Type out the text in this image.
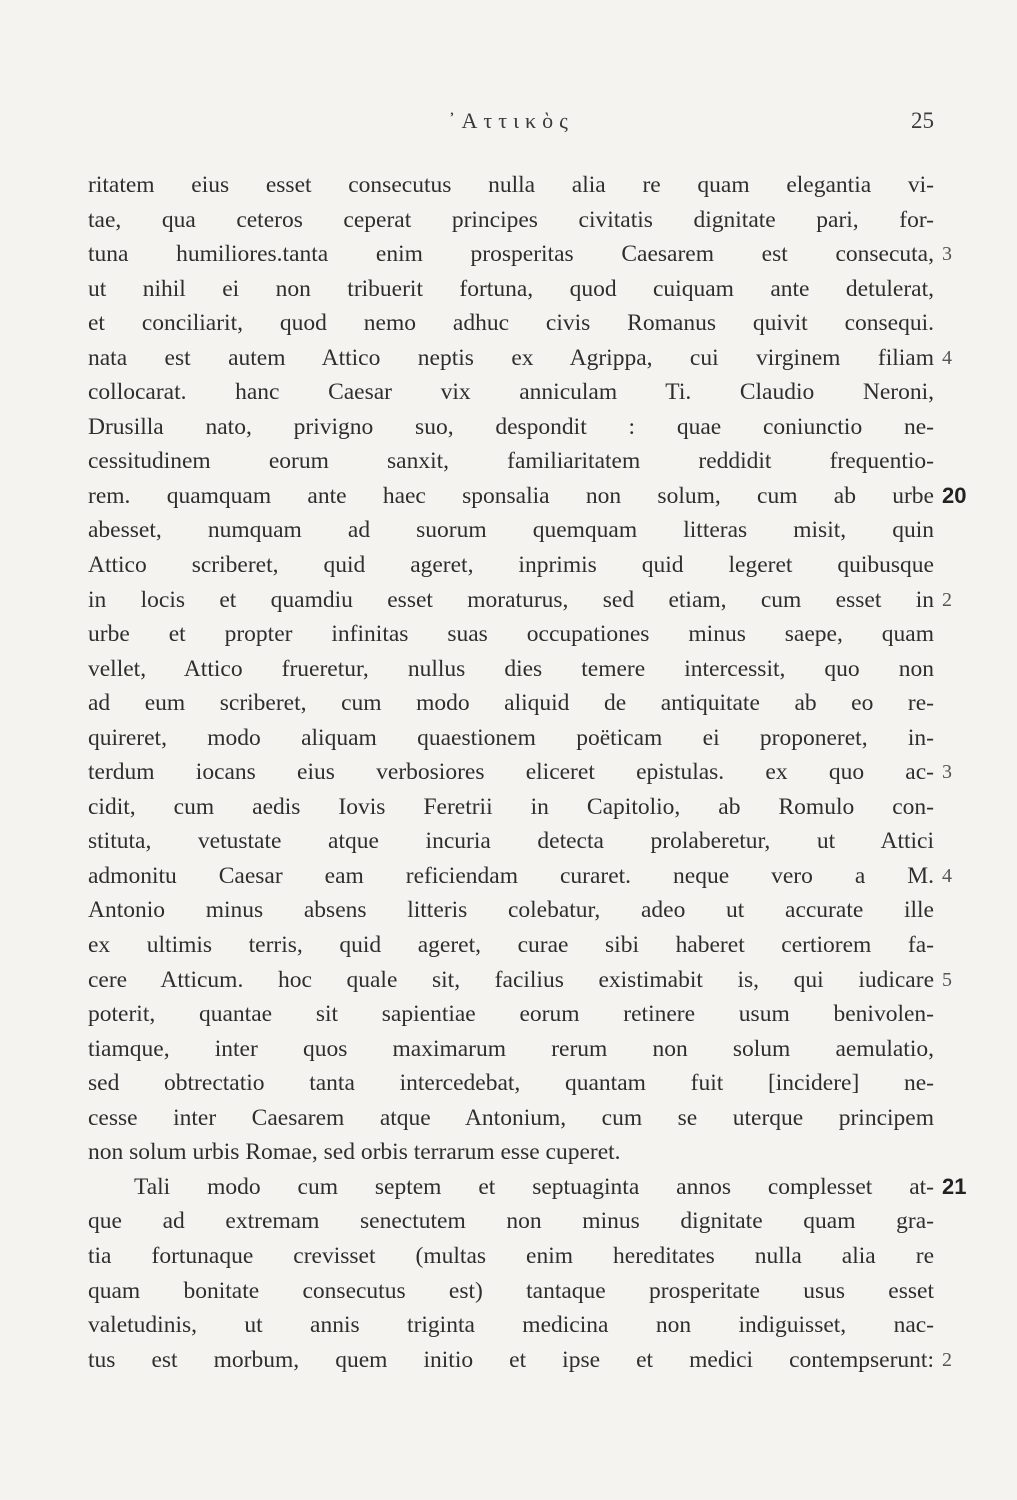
᾿Αττικὸς	25
ritatem eius esset consecutus nulla alia re quam elegantia vi-
tae, qua ceteros ceperat principes civitatis dignitate pari, for-
tuna humiliores.tanta enim prosperitas Caesarem est consecuta, 3
ut nihil ei non tribuerit fortuna, quod cuiquam ante detulerat,
et conciliarit, quod nemo adhuc civis Romanus quivit consequi.
nata est autem Attico neptis ex Agrippa, cui virginem filiam 4
collocarat. hanc Caesar vix anniculam Ti. Claudio Neroni,
Drusilla nato, privigno suo, despondit : quae coniunctio ne-
cessitudinem eorum sanxit, familiaritatem reddidit frequentio-
rem. quamquam ante haec sponsalia non solum, cum ab urbe 20
abesset, numquam ad suorum quemquam litteras misit, quin
Attico scriberet, quid ageret, inprimis quid legeret quibusque
in locis et quamdiu esset moraturus, sed etiam, cum esset in 2
urbe et propter infinitas suas occupationes minus saepe, quam
vellet, Attico frueretur, nullus dies temere intercessit, quo non
ad eum scriberet, cum modo aliquid de antiquitate ab eo re-
quireret, modo aliquam quaestionem poëticam ei proponeret, in-
terdum iocans eius verbosiores eliceret epistulas. ex quo ac- 3
cidit, cum aedis Iovis Feretrii in Capitolio, ab Romulo con-
stituta, vetustate atque incuria detecta prolaberetur, ut Attici
admonitu Caesar eam reficiendam curaret. neque vero a M. 4
Antonio minus absens litteris colebatur, adeo ut accurate ille
ex ultimis terris, quid ageret, curae sibi haberet certiorem fa-
cere Atticum. hoc quale sit, facilius existimabit is, qui iudicare 5
poterit, quantae sit sapientiae eorum retinere usum benivolen-
tiamque, inter quos maximarum rerum non solum aemulatio,
sed obtrectatio tanta intercedebat, quantam fuit [incidere] ne-
cesse inter Caesarem atque Antonium, cum se uterque principem
non solum urbis Romae, sed orbis terrarum esse cuperet.
Tali modo cum septem et septuaginta annos complesset at- 21
que ad extremam senectutem non minus dignitate quam gra-
tia fortunaque crevisset (multas enim hereditates nulla alia re
quam bonitate consecutus est) tantaque prosperitate usus esset
valetudinis, ut annis triginta medicina non indiguisset, nac-
tus est morbum, quem initio et ipse et medici contempserunt: 2
